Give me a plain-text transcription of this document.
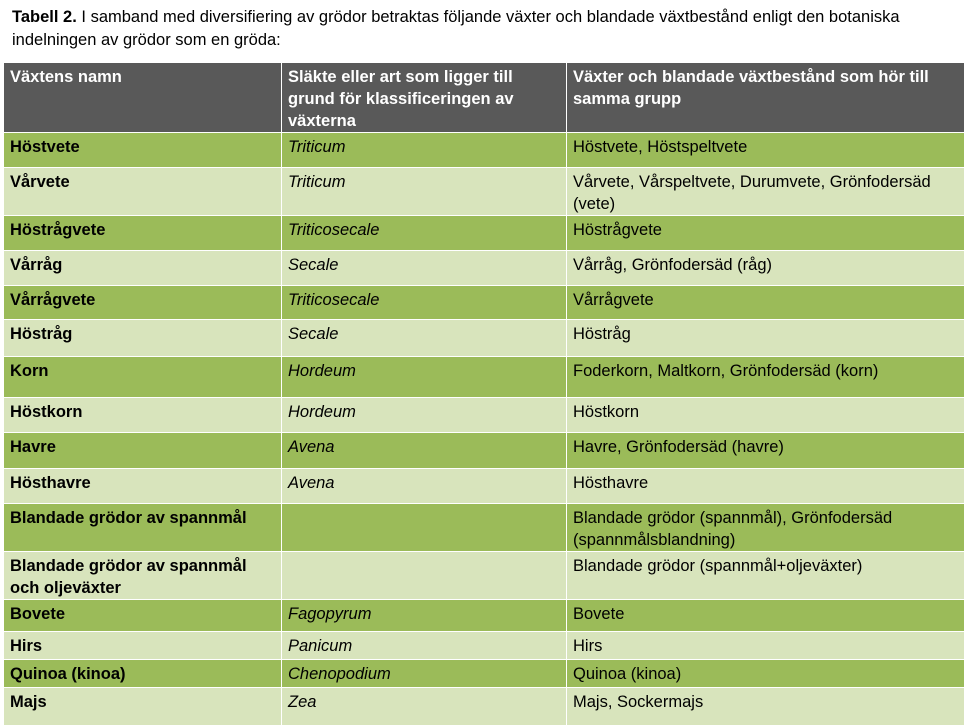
Tabell 2. I samband med diversifiering av grödor betraktas följande växter och blandade växtbestånd enligt den botaniska indelningen av grödor som en gröda:
Växtens namn	Släkte eller art som ligger till grund för klassificeringen av växterna	Växter och blandade växtbestånd som hör till samma grupp
Höstvete	Triticum	Höstvete, Höstspeltvete
Vårvete	Triticum	Vårvete, Vårspeltvete, Durumvete, Grönfodersäd (vete)
Höstrågvete	Triticosecale	Höstrågvete
Vårråg	Secale	Vårråg, Grönfodersäd (råg)
Vårrågvete	Triticosecale	Vårrågvete
Höstråg	Secale	Höstråg
Korn	Hordeum	Foderkorn, Maltkorn, Grönfodersäd (korn)
Höstkorn	Hordeum	Höstkorn
Havre	Avena	Havre, Grönfodersäd (havre)
Hösthavre	Avena	Hösthavre
Blandade grödor av spannmål		Blandade grödor (spannmål), Grönfodersäd (spannmålsblandning)
Blandade grödor av spannmål och oljeväxter		Blandade grödor (spannmål+oljeväxter)
Bovete	Fagopyrum	Bovete
Hirs	Panicum	Hirs
Quinoa (kinoa)	Chenopodium	Quinoa (kinoa)
Majs	Zea	Majs, Sockermajs
